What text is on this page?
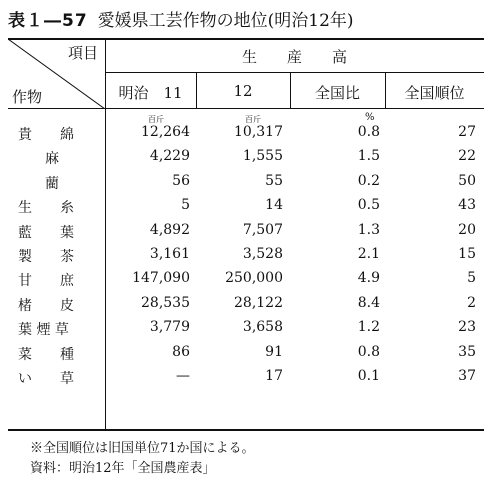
表１―57 愛媛県工芸作物の地位(明治12年)
項目
作物
生　　産　　高
明治　11	12	全国比	全国順位
百斤	百斤	%
貴　　綿	12,264	10,317	0.8	27
麻	4,229	1,555	1.5	22
藺	56	55	0.2	50
生　　糸	5	14	0.5	43
藍　　葉	4,892	7,507	1.3	20
製　　茶	3,161	3,528	2.1	15
甘　　庶	147,090	250,000	4.9	5
楮　　皮	28,535	28,122	8.4	2
葉 煙 草	3,779	3,658	1.2	23
菜　　種	86	91	0.8	35
い　　草	—	17	0.1	37
※全国順位は旧国単位71か国による。
資料：明治12年「全国農産表」
